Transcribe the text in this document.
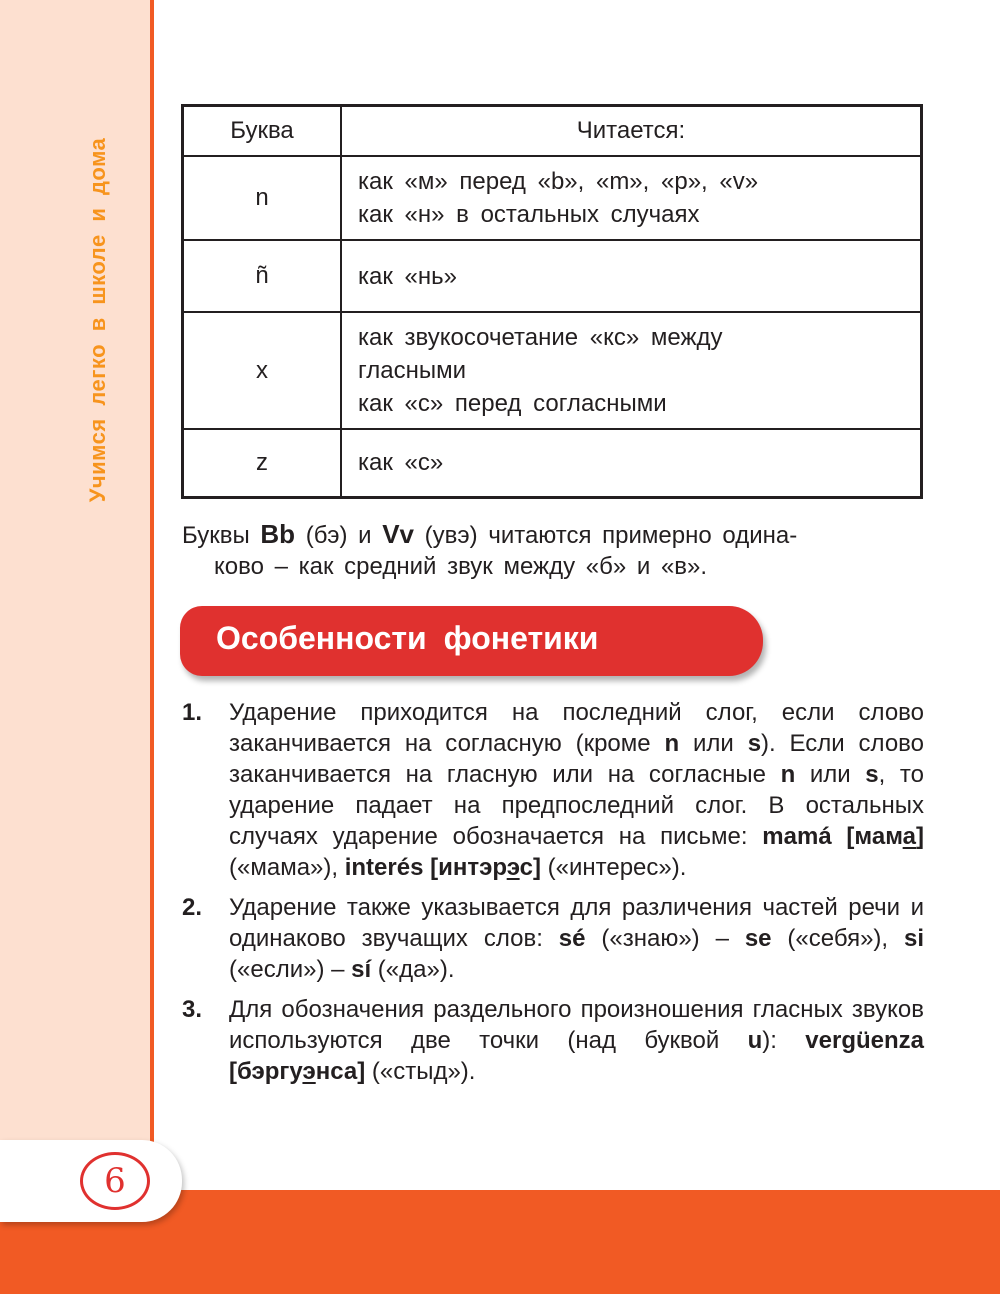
Учимся легко в школе и дома
6
Буква	Читается:
n	как «м» перед «b», «m», «p», «v»
как «н» в остальных случаях

ñ	как «нь»

x	как звукосочетание «кс» между
гласными
как «с» перед согласными

z	как «с»
Буквы Bb (бэ) и Vv (увэ) читаются примерно одина-
ково – как средний звук между «б» и «в».
Особенности фонетики
1. Ударение приходится на последний слог, если слово заканчивается на согласную (кроме n или s). Если слово заканчивается на гласную или на согласные n или s, то ударение падает на предпоследний слог. В остальных случаях ударение обозначается на письме: mamá [мама] («мама»), interés [интэрэс] («интерес»).
2. Ударение также указывается для различения частей речи и одинаково звучащих слов: sé («знаю») – se («себя»), si («если») – sí («да»).
3. Для обозначения раздельного произношения гласных звуков используются две точки (над буквой u): vergüenza [бэргуэнса] («стыд»).
